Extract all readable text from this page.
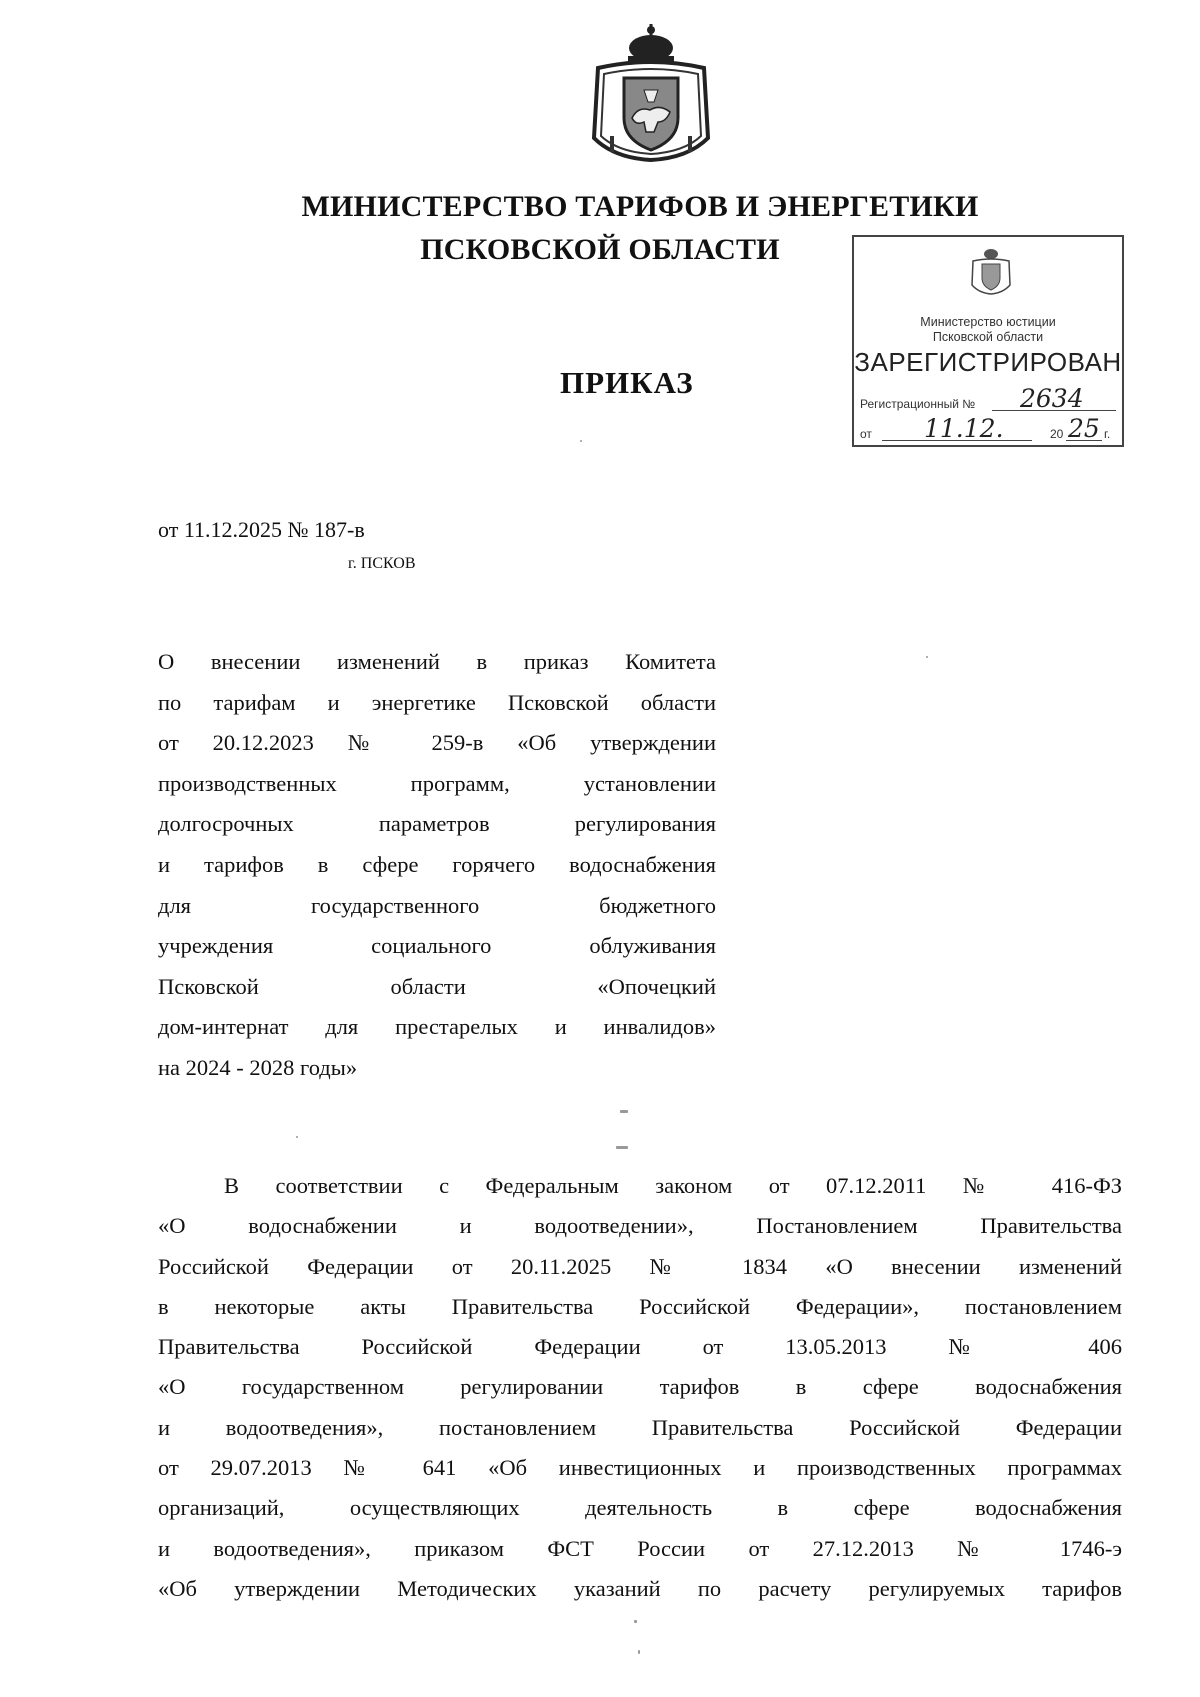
МИНИСТЕРСТВО ТАРИФОВ И ЭНЕРГЕТИКИ
ПСКОВСКОЙ ОБЛАСТИ
ПРИКАЗ
Министерство юстиции
Псковской области
ЗАРЕГИСТРИРОВАН
Регистрационный № 2634
от 11.12.	20 25 г.
от 11.12.2025 № 187-в
г. ПСКОВ
О внесении изменений в приказ Комитета
по тарифам и энергетике Псковской области
от 20.12.2023 № 259-в «Об утверждении
производственных программ, установлении
долгосрочных параметров регулирования
и тарифов в сфере горячего водоснабжения
для государственного бюджетного
учреждения социального облуживания
Псковской области «Опочецкий
дом-интернат для престарелых и инвалидов»
на 2024 - 2028 годы»
В соответствии с Федеральным законом от 07.12.2011 № 416-ФЗ
«О водоснабжении и водоотведении», Постановлением Правительства
Российской Федерации от 20.11.2025 № 1834 «О внесении изменений
в некоторые акты Правительства Российской Федерации», постановлением
Правительства Российской Федерации от 13.05.2013 № 406
«О государственном регулировании тарифов в сфере водоснабжения
и водоотведения», постановлением Правительства Российской Федерации
от 29.07.2013 № 641 «Об инвестиционных и производственных программах
организаций, осуществляющих деятельность в сфере водоснабжения
и водоотведения», приказом ФСТ России от 27.12.2013 № 1746-э
«Об утверждении Методических указаний по расчету регулируемых тарифов
